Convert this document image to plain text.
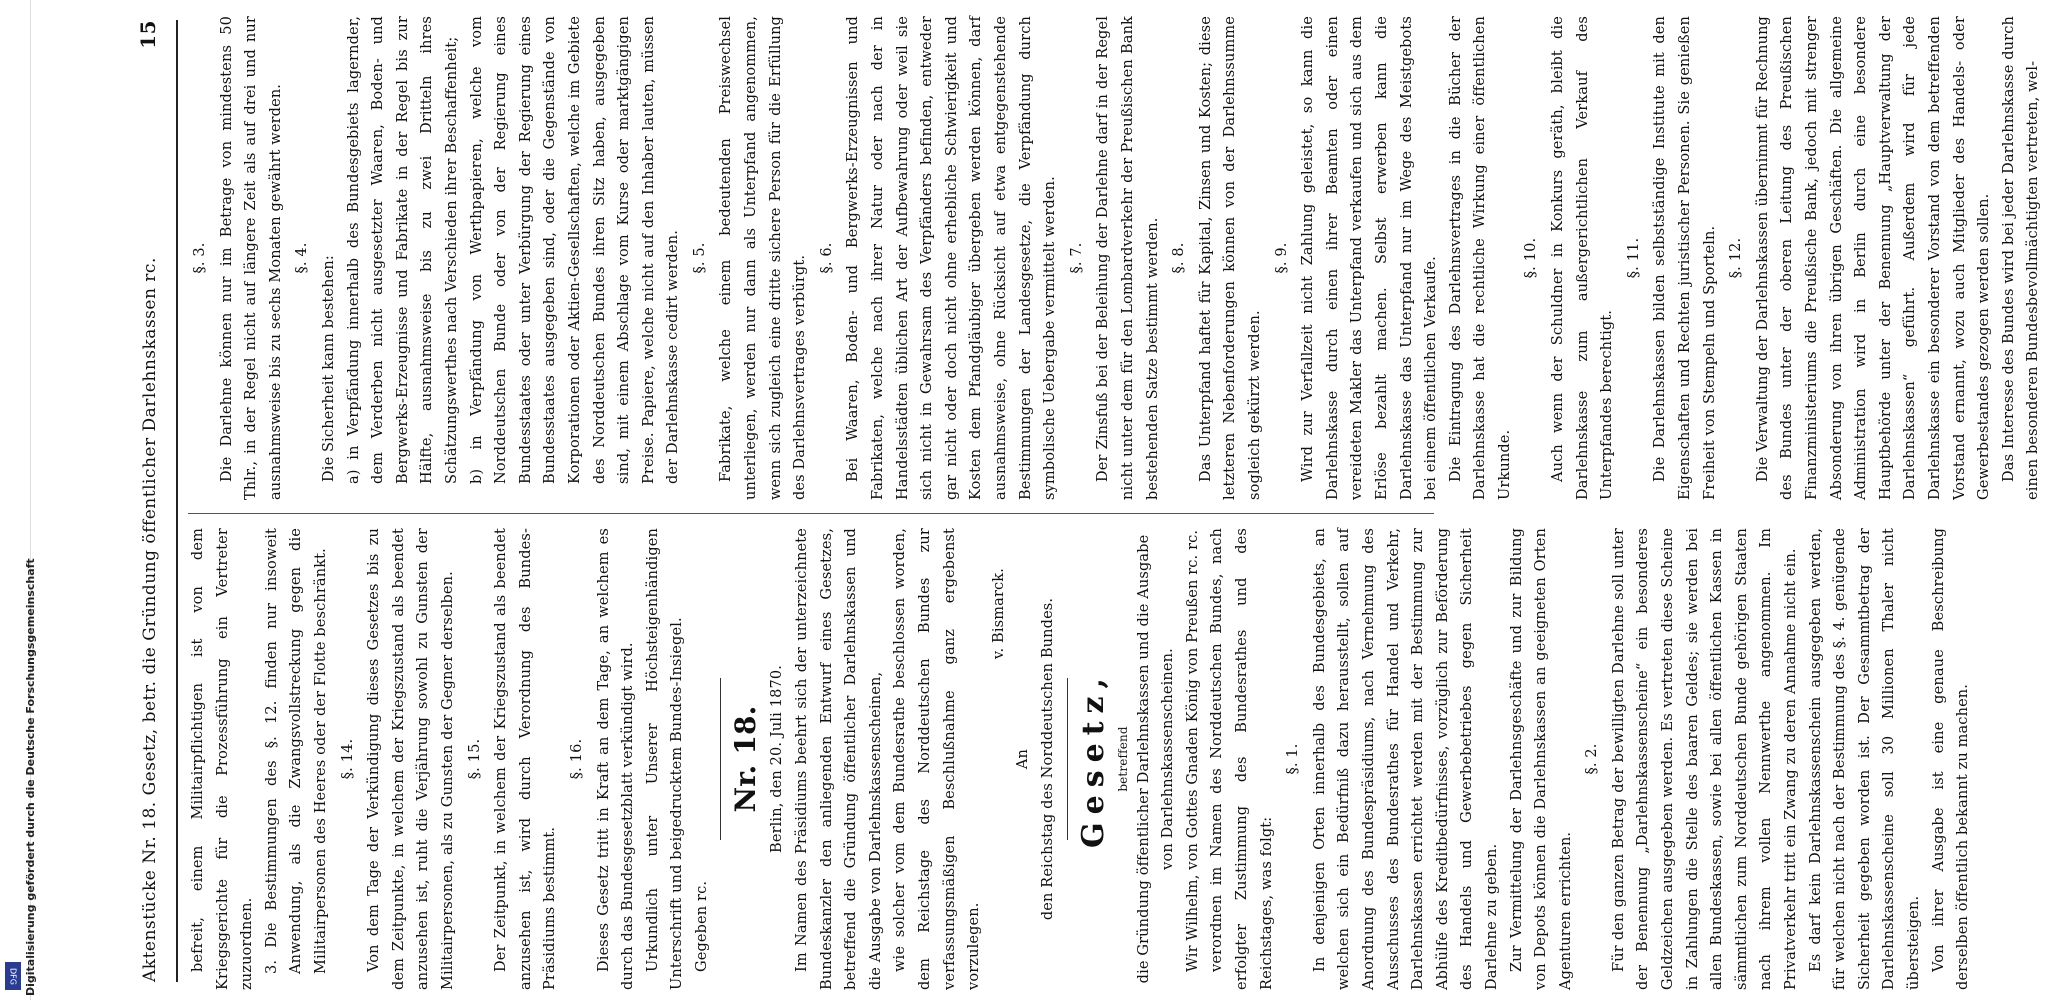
DFG Digitalisierung gefördert durch die Deutsche Forschungsgemeinschaft	Aktenstücke Nr. 18. Gesetz, betr. die Gründung öffentlicher Darlehnskassen rc.
15

befreit, einem Militairpflichtigen ist von dem Kriegsgerichte für die Prozessführung ein Vertreter zuzuordnen. 3. Die Bestimmungen des §. 12. finden nur insoweit Anwendung, als die Zwangsvollstreckung gegen die Militairpersonen des Heeres oder der Flotte beschränkt. §. 14. Von dem Tage der Verkündigung dieses Gesetzes bis zu dem Zeitpunkte, in welchem der Kriegszustand als beendet anzusehen ist, ruht die Verjährung sowohl zu Gunsten der Militairpersonen, als zu Gunsten der Gegner derselben. §. 15. Der Zeitpunkt, in welchem der Kriegszustand als beendet anzusehen ist, wird durch Verordnung des Bundes-Präsidiums bestimmt.

§. 16. Dieses Gesetz tritt in Kraft an dem Tage, an welchem es durch das Bundesgesetzblatt verkündigt wird. Urkundlich unter Unserer Höchsteigenhändigen Unterschrift und beigedrucktem Bundes-Insiegel. Gegeben rc.

Nr. 18. Berlin, den 20. Juli 1870. Im Namen des Präsidiums beehrt sich der unterzeichnete Bundeskanzler den anliegenden Entwurf eines Gesetzes, betreffend die Gründung öffentlicher Darlehnskassen und die Ausgabe von Darlehnskassenscheinen, wie solcher vom dem Bundesrathe beschlossen worden, dem Reichstage des Norddeutschen Bundes zur verfassungsmäßigen Beschlußnahme ganz ergebenst vorzulegen.

v. Bismarck.

An den Reichstag des Norddeutschen Bundes. Gesetz, betreffend die Gründung öffentlicher Darlehnskassen und die Ausgabe von Darlehnskassenscheinen. Wir Wilhelm, von Gottes Gnaden König von Preußen rc. rc. verordnen im Namen des Norddeutschen Bundes, nach erfolgter Zustimmung des Bundesrathes und des Reichstages, was folgt:

§. 1. In denjenigen Orten innerhalb des Bundesgebiets, an welchen sich ein Bedürfniß dazu herausstellt, sollen auf Anordnung des Bundespräsidiums, nach Vernehmung des Ausschusses des Bundesrathes für Handel und Verkehr, Darlehnskassen errichtet werden mit der Bestimmung zur Abhülfe des Kreditbedürfnisses, vorzüglich zur Beförderung des Handels und Gewerbebetriebes gegen Sicherheit Darlehne zu geben. Zur Vermittelung der Darlehnsgeschäfte und zur Bildung von Depots können die Darlehnskassen an geeigneten Orten Agenturen errichten.

§. 2. Für den ganzen Betrag der bewilligten Darlehne soll unter der Benennung „Darlehnskassenscheine“ ein besonderes Geldzeichen ausgegeben werden. Es vertreten diese Scheine in Zahlungen die Stelle des baaren Geldes; sie werden bei allen Bundeskassen, sowie bei allen öffentlichen Kassen in sämmtlichen zum Norddeutschen Bunde gehörigen Staaten nach ihrem vollen Nennwerthe angenommen. Im Privatverkehr tritt ein Zwang zu deren Annahme nicht ein. Es darf kein Darlehnskassenschein ausgegeben werden, für welchen nicht nach der Bestimmung des §. 4. genügende Sicherheit gegeben worden ist. Der Gesammtbetrag der Darlehnskassenscheine soll 30 Millionen Thaler nicht übersteigen. Von ihrer Ausgabe ist eine genaue Beschreibung derselben öffentlich bekannt zu machen.

§. 3. Die Darlehne können nur im Betrage von mindestens 50 Thlr., in der Regel nicht auf längere Zeit als auf drei und nur ausnahmsweise bis zu sechs Monaten gewährt werden. §. 4. Die Sicherheit kann bestehen: a) in Verpfändung innerhalb des Bundesgebiets lagernder, dem Verderben nicht ausgesetzter Waaren, Boden- und Bergwerks-Erzeugnisse und Fabrikate in der Regel bis zur Hälfte, ausnahmsweise bis zu zwei Dritteln ihres Schätzungswerthes nach Verschieden ihrer Beschaffenheit; b) in Verpfändung von Werthpapieren, welche vom Norddeutschen Bunde oder von der Regierung eines Bundesstaates oder unter Verbürgung der Regierung eines Bundesstaates ausgegeben sind, oder die Gegenstände von Korporationen oder Aktien-Gesellschaften, welche im Gebiete des Norddeutschen Bundes ihren Sitz haben, ausgegeben sind, mit einem Abschlage vom Kurse oder marktgängigen Preise. Papiere, welche nicht auf den Inhaber lauten, müssen der Darlehnskasse cedirt werden. §. 5. Fabrikate, welche einem bedeutenden Preiswechsel unterliegen, werden nur dann als Unterpfand angenommen, wenn sich zugleich eine dritte sichere Person für die Erfüllung des Darlehnsvertrages verbürgt. §. 6. Bei Waaren, Boden- und Bergwerks-Erzeugnissen und Fabrikaten, welche nach ihrer Natur oder nach der in Handelsstädten üblichen Art der Aufbewahrung oder weil sie sich nicht in Gewahrsam des Verpfänders befinden, entweder gar nicht oder doch nicht ohne erhebliche Schwierigkeit und Kosten dem Pfandgläubiger übergeben werden können, darf ausnahmsweise, ohne Rücksicht auf etwa entgegenstehende Bestimmungen der Landesgesetze, die Verpfändung durch symbolische Uebergabe vermittelt werden. §. 7. Der Zinsfuß bei der Beleihung der Darlehne darf in der Regel nicht unter dem für den Lombardverkehr der Preußischen Bank bestehenden Satze bestimmt werden. §. 8. Das Unterpfand haftet für Kapital, Zinsen und Kosten; diese letzteren Nebenforderungen können von der Darlehnssumme sogleich gekürzt werden.

§. 9. Wird zur Verfallzeit nicht Zahlung geleistet, so kann die Darlehnskasse durch einen ihrer Beamten oder einen vereideten Makler das Unterpfand verkaufen und sich aus dem Erlöse bezahlt machen. Selbst erwerben kann die Darlehnskasse das Unterpfand nur im Wege des Meistgebots bei einem öffentlichen Verkaufe. Die Eintragung des Darlehnsvertrages in die Bücher der Darlehnskasse hat die rechtliche Wirkung einer öffentlichen Urkunde.

§. 10. Auch wenn der Schuldner in Konkurs geräth, bleibt die Darlehnskasse zum außergerichtlichen Verkauf des Unterpfandes berechtigt.

§. 11. Die Darlehnskassen bilden selbstständige Institute mit den Eigenschaften und Rechten juristischer Personen. Sie genießen Freiheit von Stempeln und Sporteln. §. 12. Die Verwaltung der Darlehnskassen übernimmt für Rechnung des Bundes unter der oberen Leitung des Preußischen Finanzministeriums die Preußische Bank, jedoch mit strenger Absonderung von ihren übrigen Geschäften. Die allgemeine Administration wird in Berlin durch eine besondere Hauptbehörde unter der Benennung „Hauptverwaltung der Darlehnskassen“ geführt. Außerdem wird für jede Darlehnskasse ein besonderer Vorstand von dem betreffenden Vorstand ernannt, wozu auch Mitglieder des Handels- oder Gewerbestandes gezogen werden sollen. Das Interesse des Bundes wird bei jeder Darlehnskasse durch einen besonderen Bundesbevollmächtigten vertreten, wel-
